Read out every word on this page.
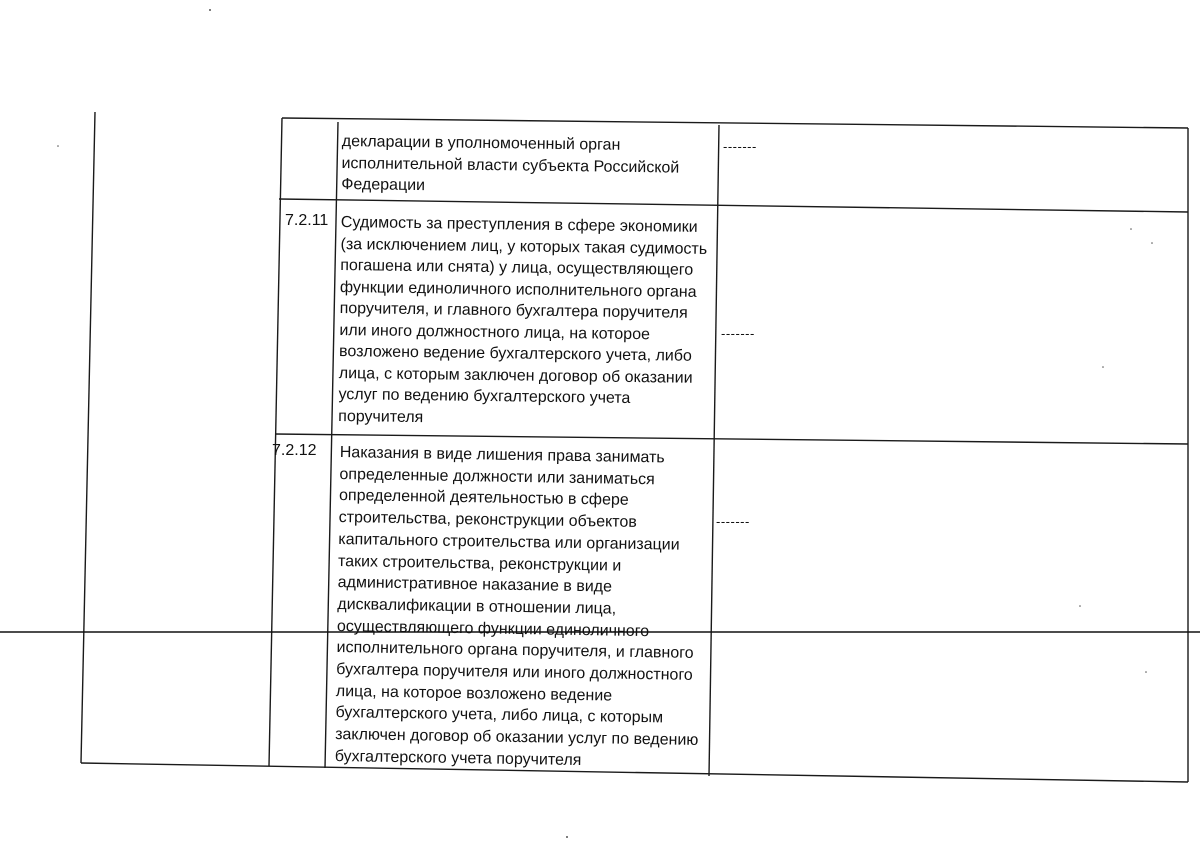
декларации в уполномоченный орган
исполнительной власти субъекта Российской
Федерации

-------

7.2.11 Судимость за преступления в сфере экономики
(за исключением лиц, у которых такая судимость
погашена или снята) у лица, осуществляющего
функции единоличного исполнительного органа
поручителя, и главного бухгалтера поручителя
или иного должностного лица, на которое
возложено ведение бухгалтерского учета, либо
лица, с которым заключен договор об оказании
услуг по ведению бухгалтерского учета
поручителя

-------

7.2.12	Наказания в виде лишения права занимать
определенные должности или заниматься
определенной деятельностью в сфере
строительства, реконструкции объектов
капитального строительства или организации
таких строительства, реконструкции и
административное наказание в виде
дисквалификации в отношении лица,
осуществляющего функции единоличного
исполнительного органа поручителя, и главного
бухгалтера поручителя или иного должностного
лица, на которое возложено ведение
бухгалтерского учета, либо лица, с которым
заключен договор об оказании услуг по ведению
бухгалтерского учета поручителя

-------
